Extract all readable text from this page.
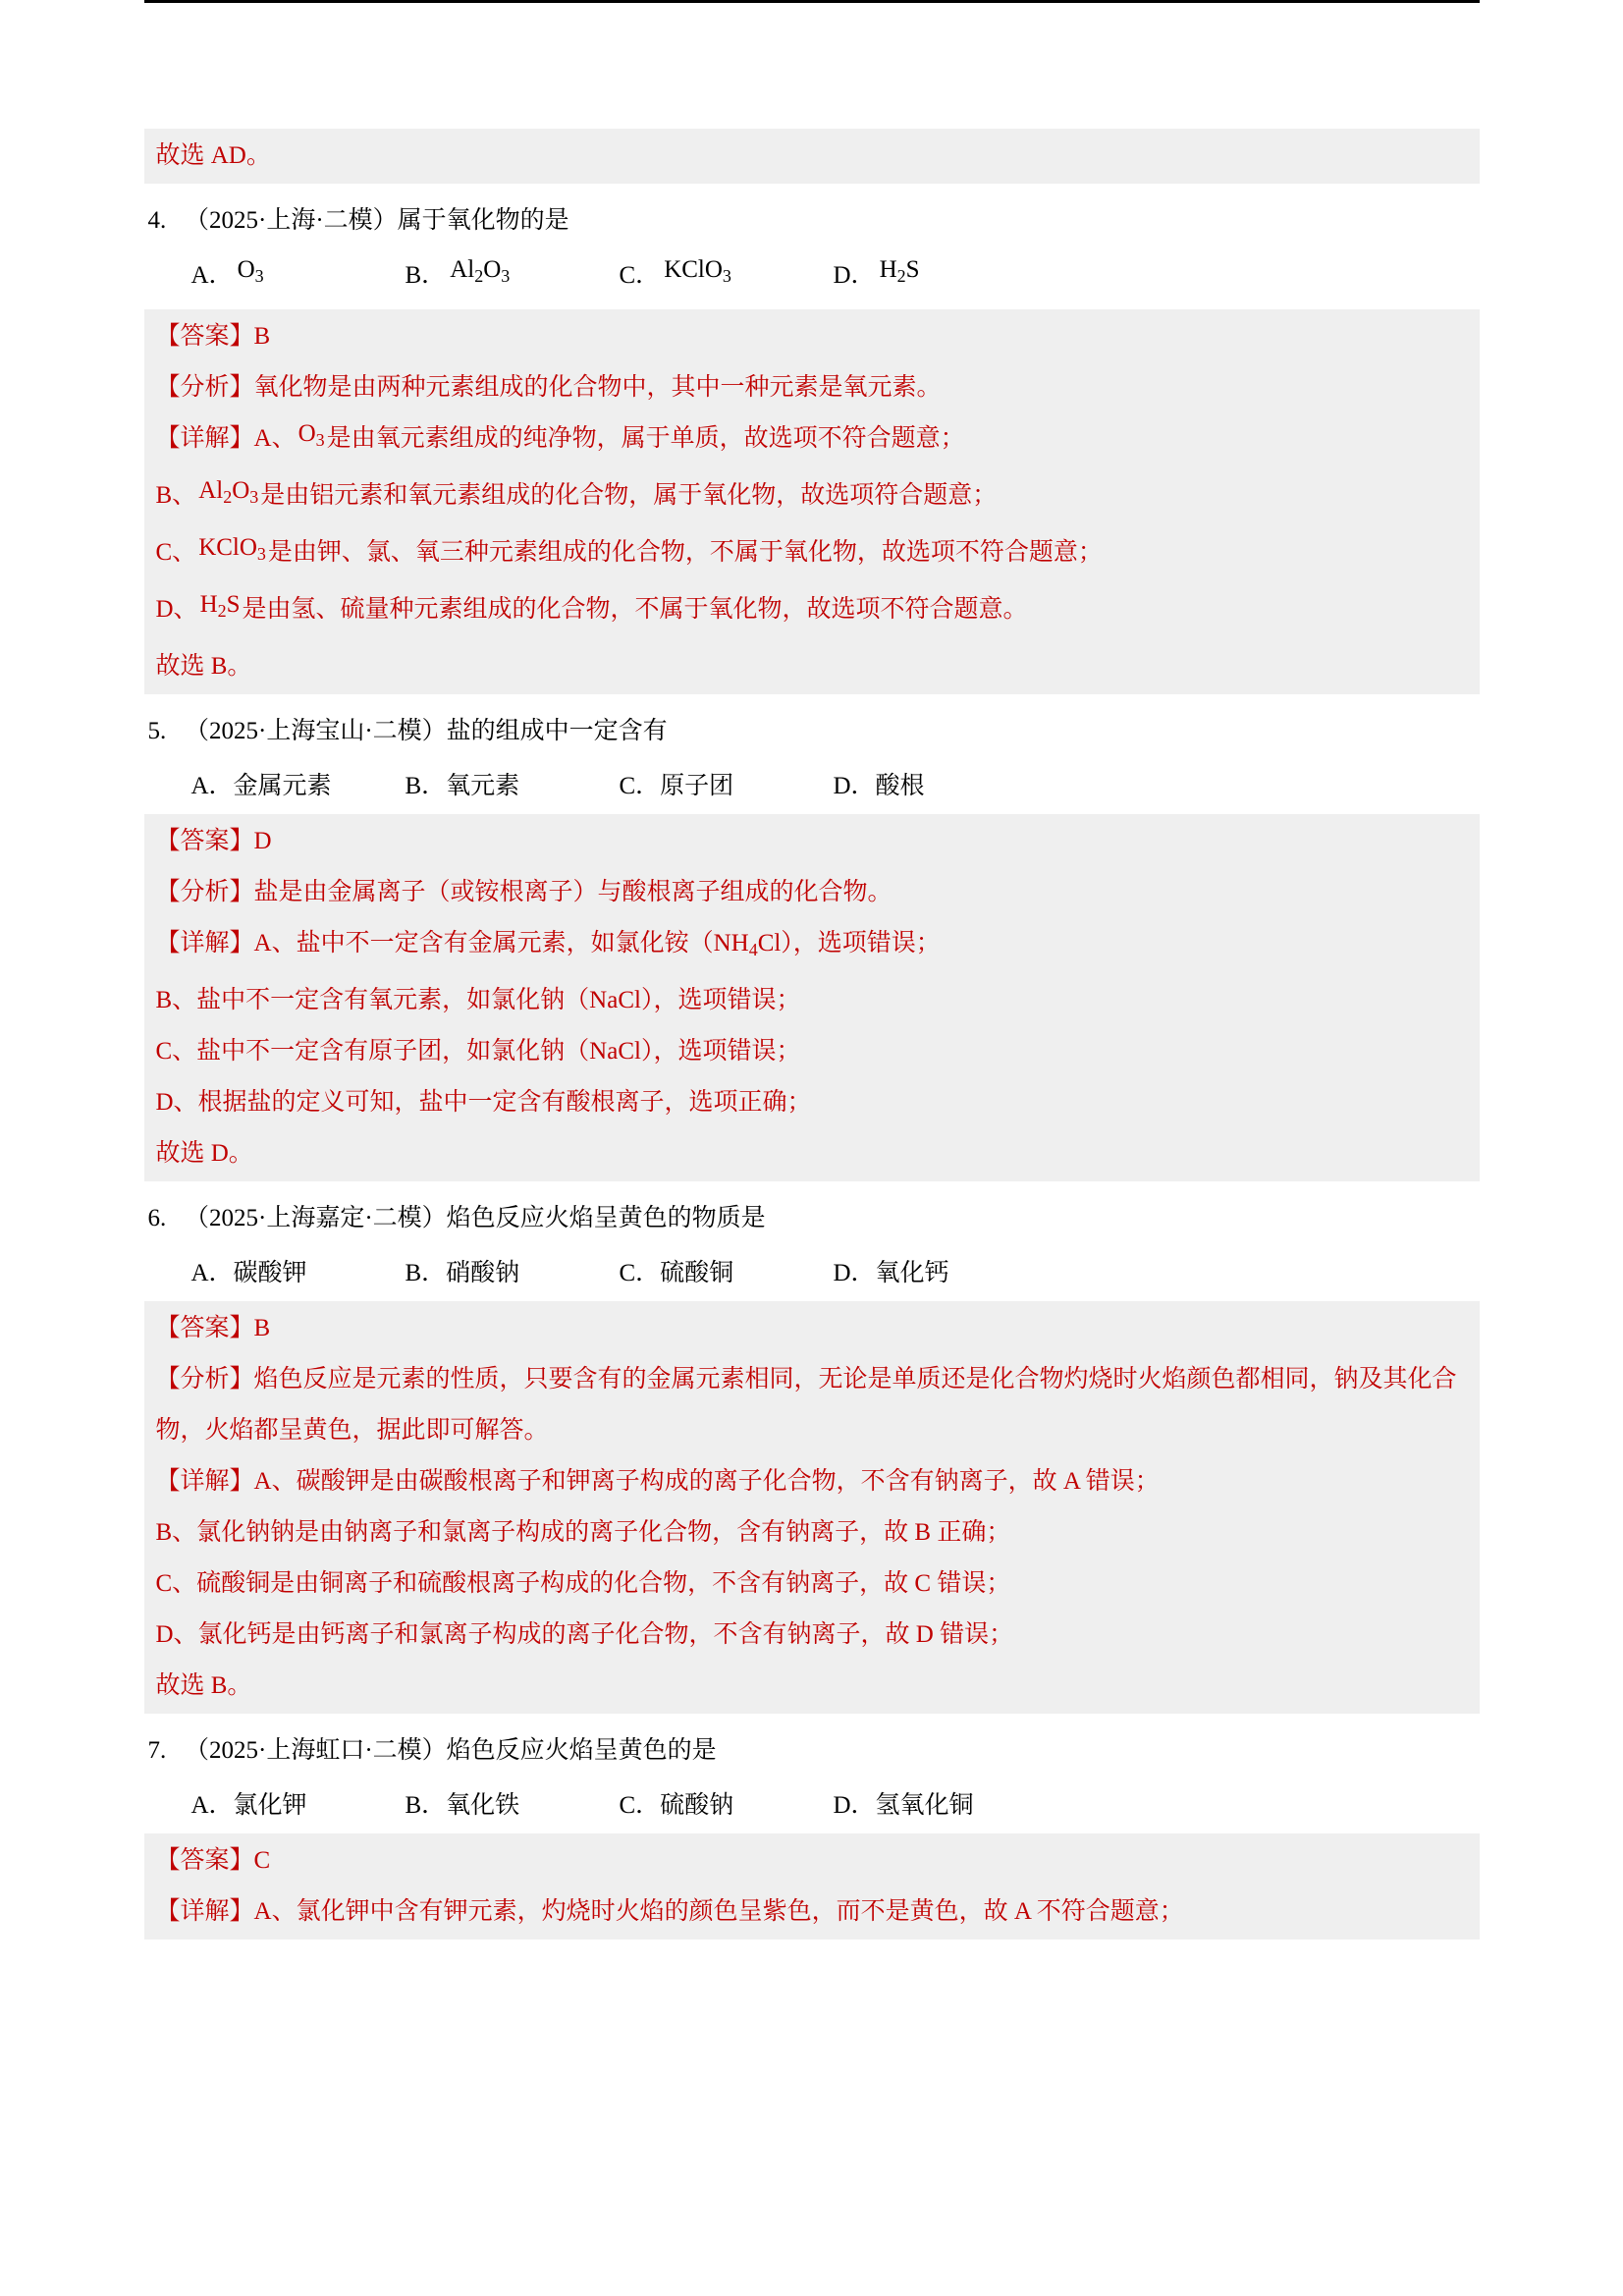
故选 AD。
4. （2025·上海·二模）属于氧化物的是
A． $O_3$	B． $Al_2O_3$	C． KClO$_3$	D． $H_2S$
【答案】B
【分析】氧化物是由两种元素组成的化合物中，其中一种元素是氧元素。
【详解】A、$O_3$是由氧元素组成的纯净物，属于单质，故选项不符合题意；
B、$Al_2O_3$是由铝元素和氧元素组成的化合物，属于氧化物，故选项符合题意；
C、KClO$_3$是由钾、氯、氧三种元素组成的化合物，不属于氧化物，故选项不符合题意；
D、$H_2S$是由氢、硫量种元素组成的化合物，不属于氧化物，故选项不符合题意。
故选 B。
5. （2025·上海宝山·二模）盐的组成中一定含有
A．金属元素	B．氧元素	C．原子团	D．酸根
【答案】D
【分析】盐是由金属离子（或铵根离子）与酸根离子组成的化合物。
【详解】A、盐中不一定含有金属元素，如氯化铵$(NH_4Cl)$，选项错误；
B、盐中不一定含有氧元素，如氯化钠（NaCl），选项错误；
C、盐中不一定含有原子团，如氯化钠（NaCl），选项错误；
D、根据盐的定义可知，盐中一定含有酸根离子，选项正确；
故选 D。
6. （2025·上海嘉定·二模）焰色反应火焰呈黄色的物质是
A．碳酸钾	B．硝酸钠	C．硫酸铜	D．氧化钙
【答案】B
【分析】焰色反应是元素的性质，只要含有的金属元素相同，无论是单质还是化合物灼烧时火焰颜色都相同，钠及其化合物，火焰都呈黄色，据此即可解答。
【详解】A、碳酸钾是由碳酸根离子和钾离子构成的离子化合物，不含有钠离子，故 A 错误；
B、氯化钠钠是由钠离子和氯离子构成的离子化合物，含有钠离子，故 B 正确；
C、硫酸铜是由铜离子和硫酸根离子构成的化合物，不含有钠离子，故 C 错误；
D、氯化钙是由钙离子和氯离子构成的离子化合物，不含有钠离子，故 D 错误；
故选 B。
7. （2025·上海虹口·二模）焰色反应火焰呈黄色的是
A．氯化钾	B．氧化铁	C．硫酸钠	D．氢氧化铜
【答案】C
【详解】A、氯化钾中含有钾元素，灼烧时火焰的颜色呈紫色，而不是黄色，故 A 不符合题意；
